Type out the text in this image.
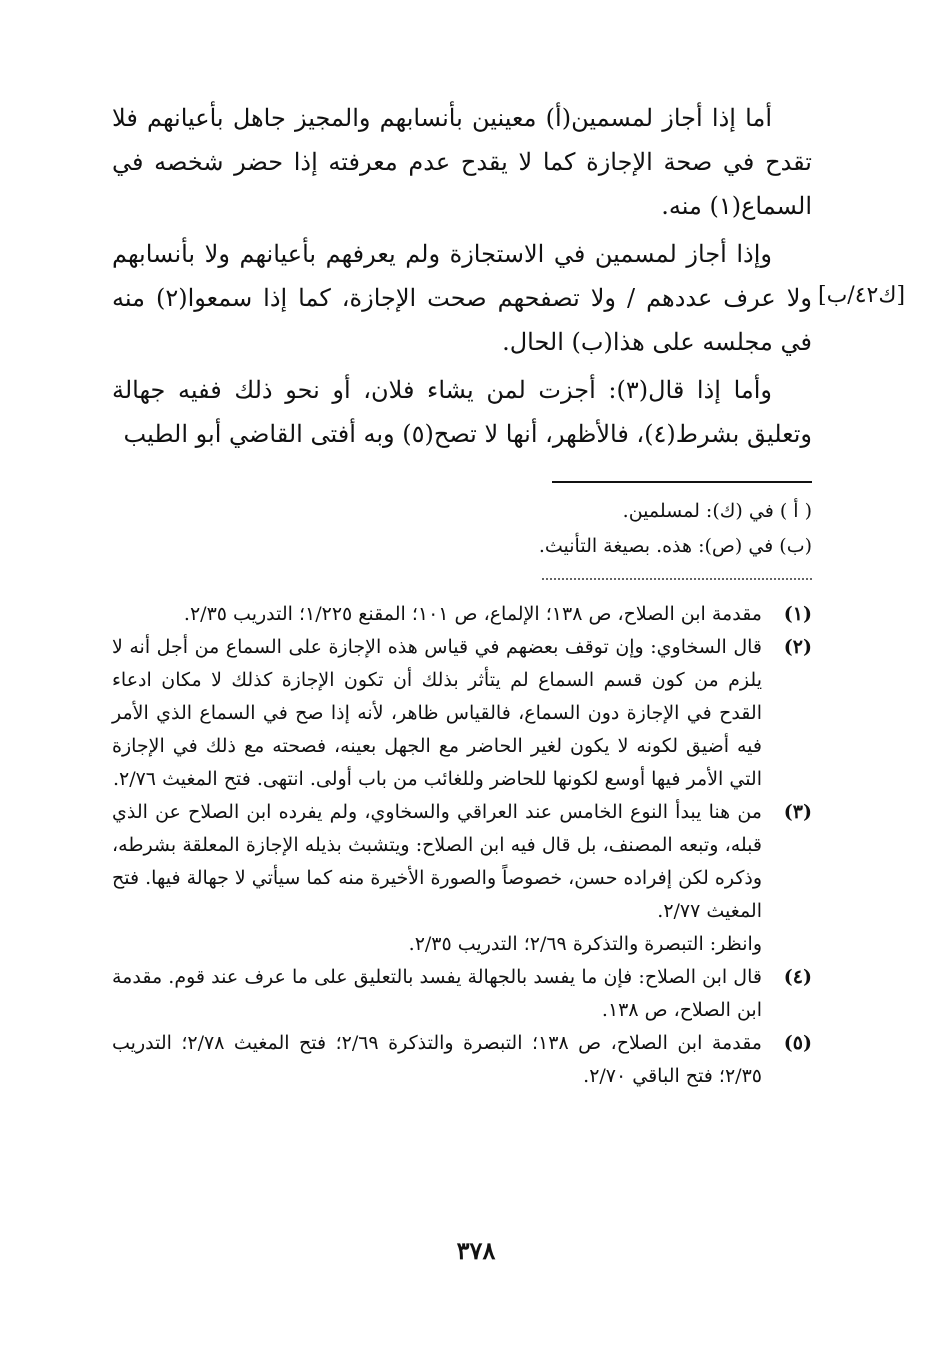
أما إذا أجاز لمسمين(أ) معينين بأنسابهم والمجيز جاهل بأعيانهم فلا تقدح في صحة الإجازة كما لا يقدح عدم معرفته إذا حضر شخصه في السماع(١) منه.

وإذا أجاز لمسمين في الاستجازة ولم يعرفهم بأعيانهم ولا بأنسابهم ولا عرف عددهم / ولا تصفحهم صحت الإجازة، كما إذا سمعوا(٢) منه في مجلسه على هذا(ب) الحال.

وأما إذا قال(٣): أجزت لمن يشاء فلان، أو نحو ذلك ففيه جهالة وتعليق بشرط(٤)، فالأظهر، أنها لا تصح(٥) وبه أفتى القاضي أبو الطيب

[ك٤٢/ب]
( أ ) في (ك): لمسلمين.
(ب) في (ص): هذه. بصيغة التأنيث.
(١)
مقدمة ابن الصلاح، ص ١٣٨؛ الإلماع، ص ١٠١؛ المقنع ١/٢٢٥؛ التدريب ٢/٣٥.
(٢)
قال السخاوي: وإن توقف بعضهم في قياس هذه الإجازة على السماع من أجل أنه لا يلزم من كون قسم السماع لم يتأثر بذلك أن تكون الإجازة كذلك لا مكان ادعاء القدح في الإجازة دون السماع، فالقياس ظاهر، لأنه إذا صح في السماع الذي الأمر فيه أضيق لكونه لا يكون لغير الحاضر مع الجهل بعينه، فصحته مع ذلك في الإجازة التي الأمر فيها أوسع لكونها للحاضر وللغائب من باب أولى. انتهى. فتح المغيث ٢/٧٦.
(٣)
من هنا يبدأ النوع الخامس عند العراقي والسخاوي، ولم يفرده ابن الصلاح عن الذي قبله، وتبعه المصنف، بل قال فيه ابن الصلاح: ويتشبث بذيله الإجازة المعلقة بشرطه، وذكره لكن إفراده حسن، خصوصاً والصورة الأخيرة منه كما سيأتي لا جهالة فيها. فتح المغيث ٢/٧٧.
وانظر: التبصرة والتذكرة ٢/٦٩؛ التدريب ٢/٣٥.
(٤)
قال ابن الصلاح: فإن ما يفسد بالجهالة يفسد بالتعليق على ما عرف عند قوم. مقدمة ابن الصلاح، ص ١٣٨.
(٥)
مقدمة ابن الصلاح، ص ١٣٨؛ التبصرة والتذكرة ٢/٦٩؛ فتح المغيث ٢/٧٨؛ التدريب ٢/٣٥؛ فتح الباقي ٢/٧٠.
٣٧٨
